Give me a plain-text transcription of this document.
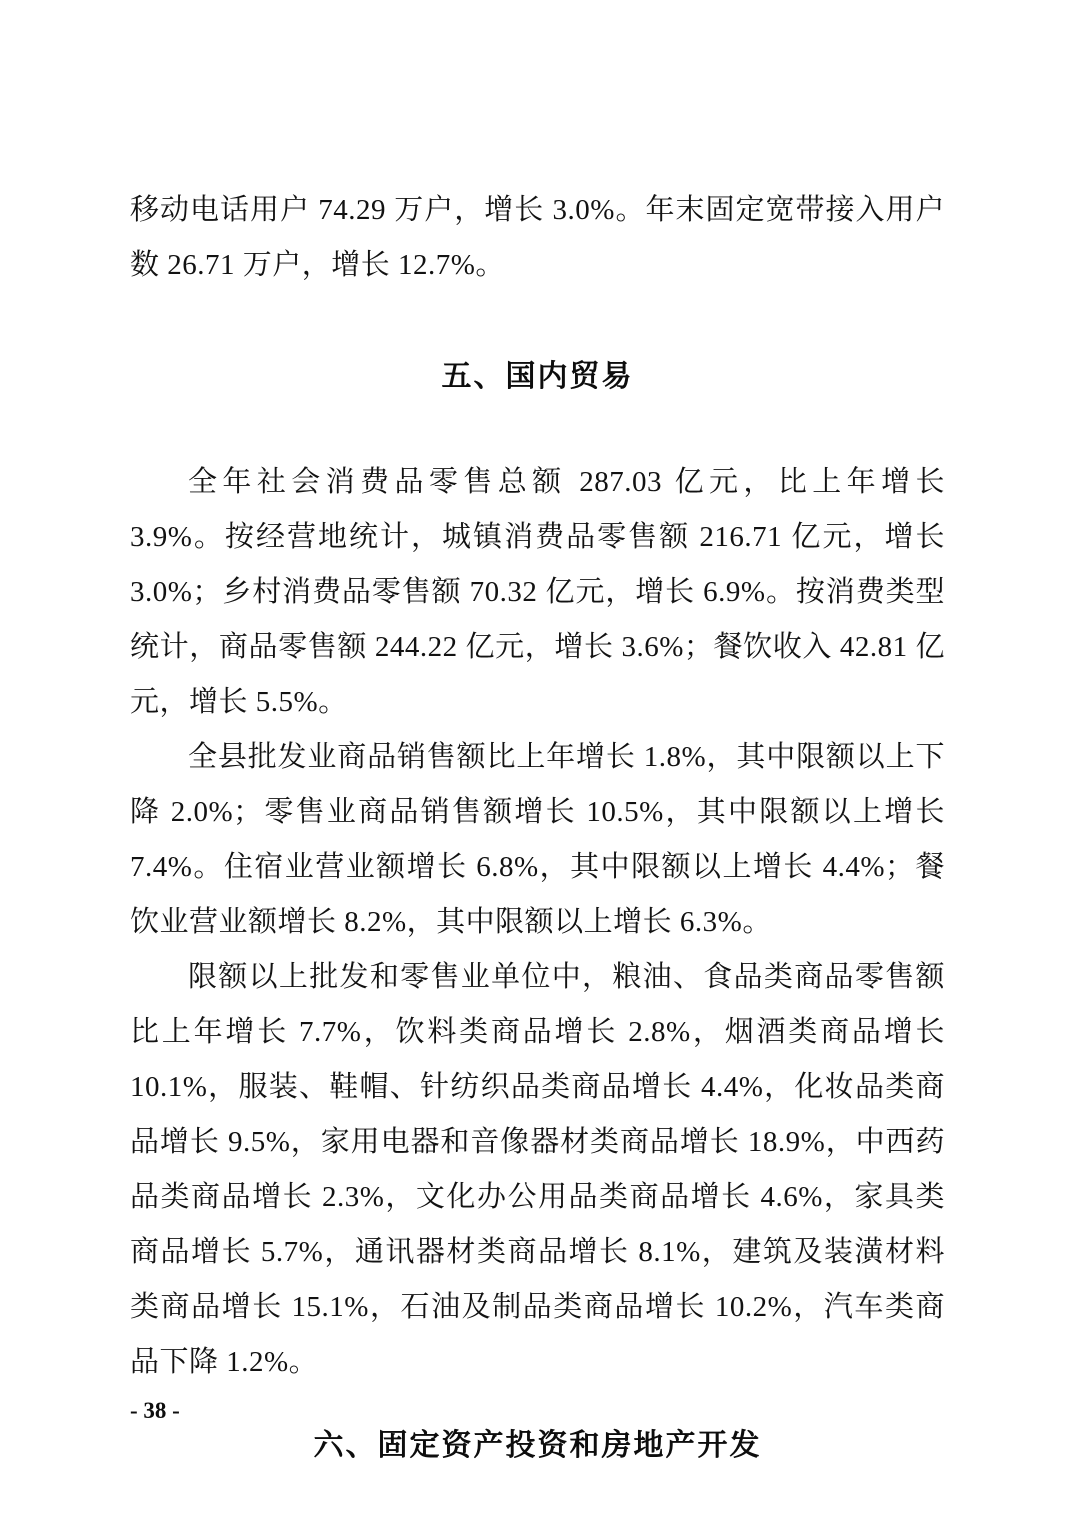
移动电话用户 74.29 万户，增长 3.0%。年末固定宽带接入用户数 26.71 万户，增长 12.7%。

五、国内贸易

全年社会消费品零售总额 287.03 亿元，比上年增长 3.9%。按经营地统计，城镇消费品零售额 216.71 亿元，增长 3.0%；乡村消费品零售额 70.32 亿元，增长 6.9%。按消费类型统计，商品零售额 244.22 亿元，增长 3.6%；餐饮收入 42.81 亿元，增长 5.5%。

全县批发业商品销售额比上年增长 1.8%，其中限额以上下降 2.0%；零售业商品销售额增长 10.5%，其中限额以上增长 7.4%。住宿业营业额增长 6.8%，其中限额以上增长 4.4%；餐饮业营业额增长 8.2%，其中限额以上增长 6.3%。

限额以上批发和零售业单位中，粮油、食品类商品零售额比上年增长 7.7%，饮料类商品增长 2.8%，烟酒类商品增长 10.1%，服装、鞋帽、针纺织品类商品增长 4.4%，化妆品类商品增长 9.5%，家用电器和音像器材类商品增长 18.9%，中西药品类商品增长 2.3%，文化办公用品类商品增长 4.6%，家具类商品增长 5.7%，通讯器材类商品增长 8.1%，建筑及装潢材料类商品增长 15.1%，石油及制品类商品增长 10.2%，汽车类商品下降 1.2%。

六、固定资产投资和房地产开发
- 38 -
